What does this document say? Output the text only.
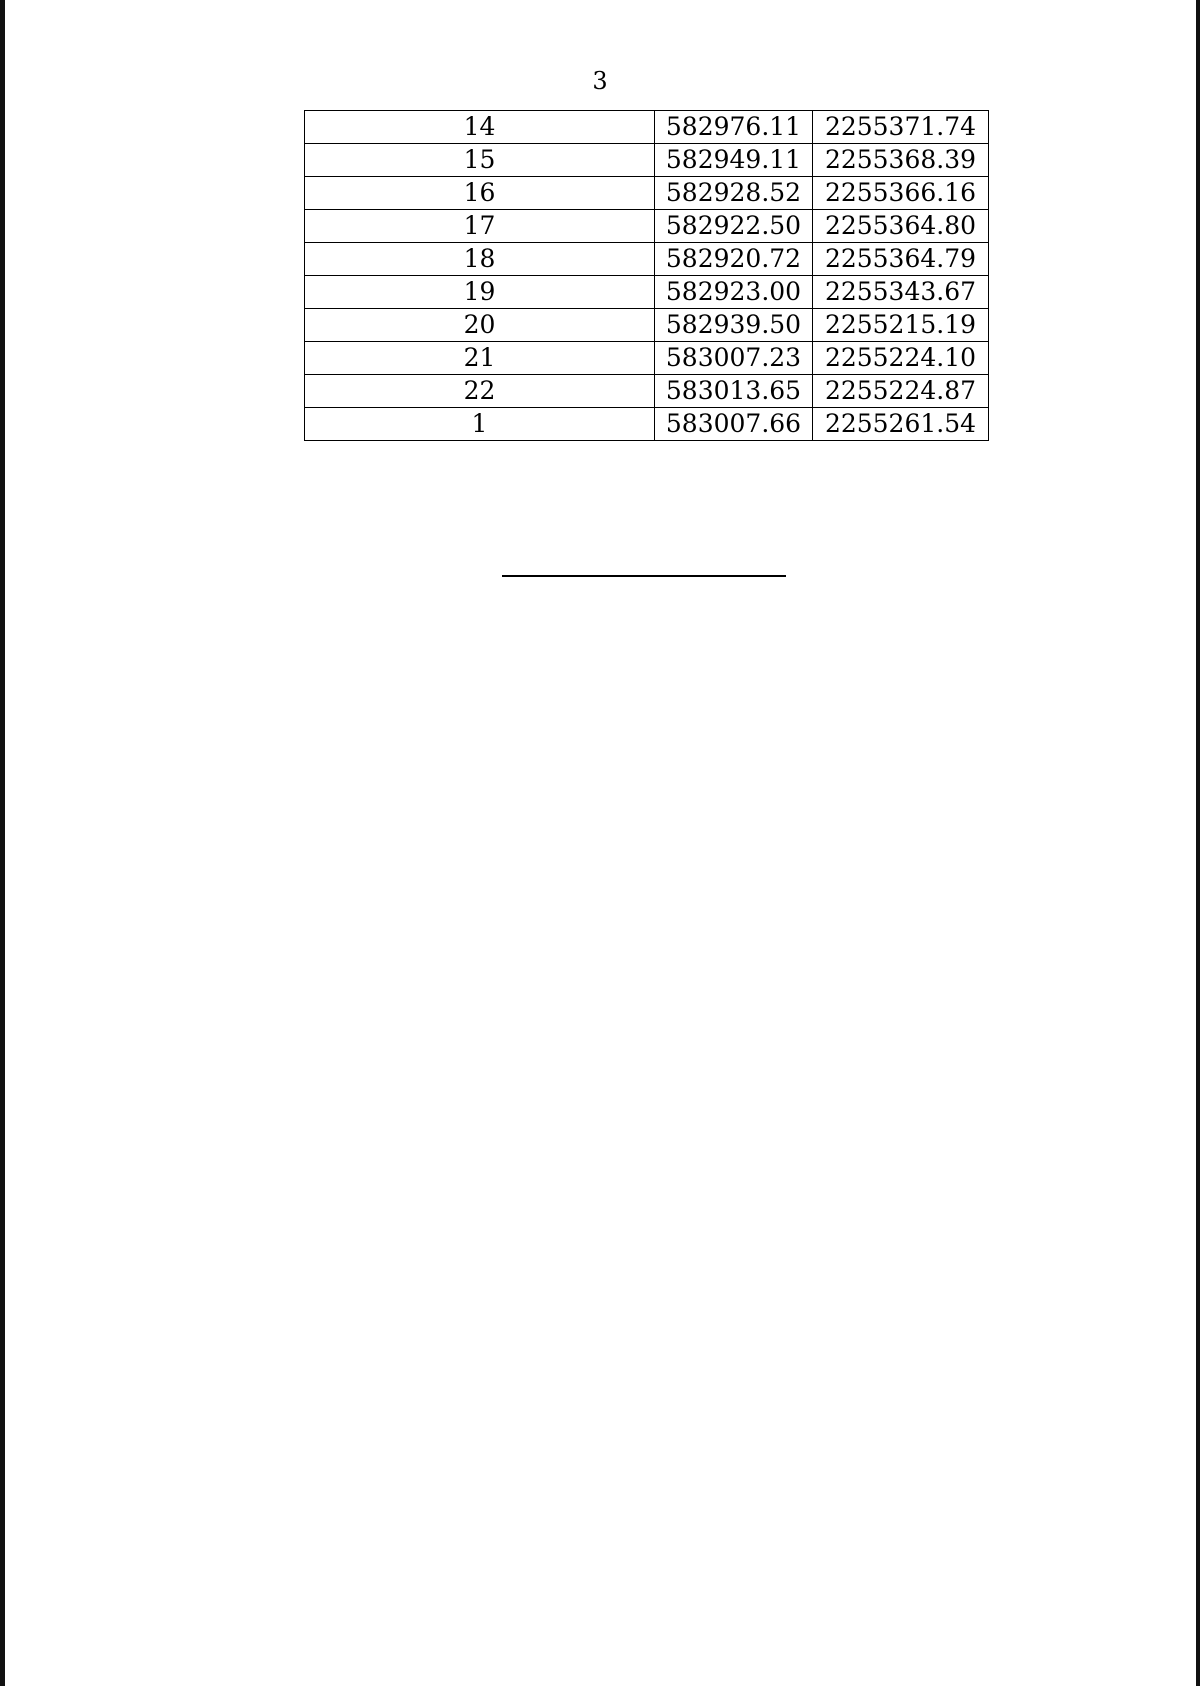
3
14	582976.11	2255371.74
15	582949.11	2255368.39
16	582928.52	2255366.16
17	582922.50	2255364.80
18	582920.72	2255364.79
19	582923.00	2255343.67
20	582939.50	2255215.19
21	583007.23	2255224.10
22	583013.65	2255224.87
1	583007.66	2255261.54
